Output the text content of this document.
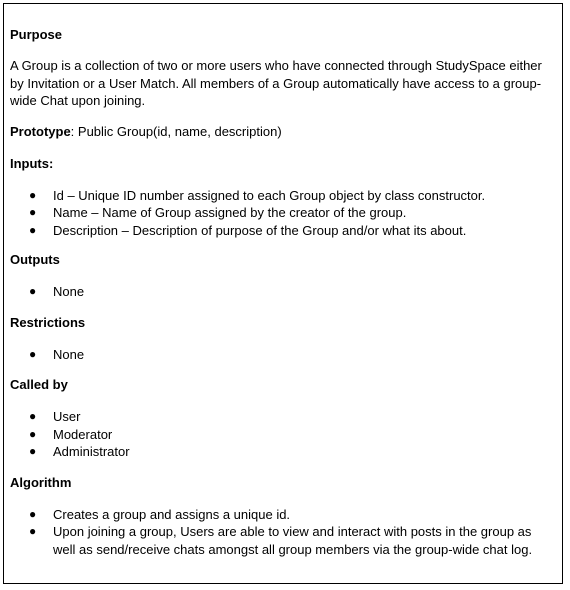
Purpose

A Group is a collection of two or more users who have connected through StudySpace either by Invitation or a User Match. All members of a Group automatically have access to a group-wide Chat upon joining.

Prototype: Public Group(id, name, description)

Inputs:

● Id – Unique ID number assigned to each Group object by class constructor.
● Name – Name of Group assigned by the creator of the group.
● Description – Description of purpose of the Group and/or what its about.

Outputs

● None

Restrictions

● None

Called by

● User
● Moderator
● Administrator

Algorithm

● Creates a group and assigns a unique id.
● Upon joining a group, Users are able to view and interact with posts in the group as well as send/receive chats amongst all group members via the group-wide chat log.
